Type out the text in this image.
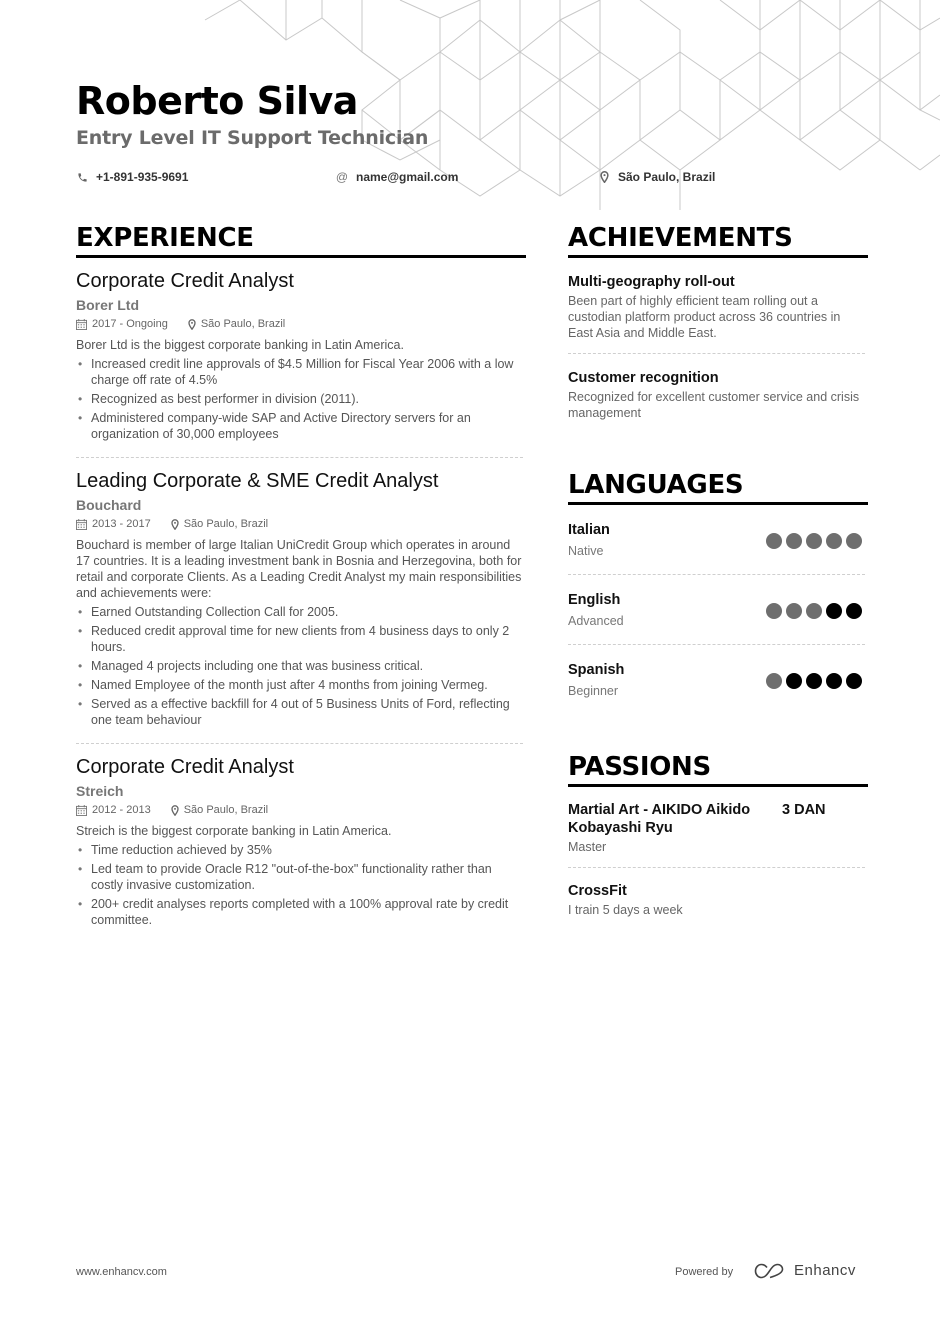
Roberto Silva
Entry Level IT Support Technician
+1-891-935-9691	@ name@gmail.com	São Paulo, Brazil
EXPERIENCE
Corporate Credit Analyst
Borer Ltd
2017 - Ongoing	São Paulo, Brazil
Borer Ltd is the biggest corporate banking in Latin America.
• Increased credit line approvals of $4.5 Million for Fiscal Year 2006 with a low charge off rate of 4.5%
• Recognized as best performer in division (2011).
• Administered company-wide SAP and Active Directory servers for an organization of 30,000 employees
Leading Corporate & SME Credit Analyst
Bouchard
2013 - 2017	São Paulo, Brazil
Bouchard is member of large Italian UniCredit Group which operates in around 17 countries. It is a leading investment bank in Bosnia and Herzegovina, both for retail and corporate Clients. As a Leading Credit Analyst my main responsibilities and achievements were:
• Earned Outstanding Collection Call for 2005.
• Reduced credit approval time for new clients from 4 business days to only 2 hours.
• Managed 4 projects including one that was business critical.
• Named Employee of the month just after 4 months from joining Vermeg.
• Served as a effective backfill for 4 out of 5 Business Units of Ford, reflecting one team behaviour
Corporate Credit Analyst
Streich
2012 - 2013	São Paulo, Brazil
Streich is the biggest corporate banking in Latin America.
• Time reduction achieved by 35%
• Led team to provide Oracle R12 "out-of-the-box" functionality rather than costly invasive customization.
• 200+ credit analyses reports completed with a 100% approval rate by credit committee.
ACHIEVEMENTS
Multi-geography roll-out
Been part of highly efficient team rolling out a custodian platform product across 36 countries in East Asia and Middle East.
Customer recognition
Recognized for excellent customer service and crisis management
LANGUAGES
Italian
Native
English
Advanced
Spanish
Beginner
PASSIONS
Martial Art - AIKIDO Aikido Kobayashi Ryu
3 DAN
Master
CrossFit
I train 5 days a week
www.enhancv.com	Powered by	Enhancv
